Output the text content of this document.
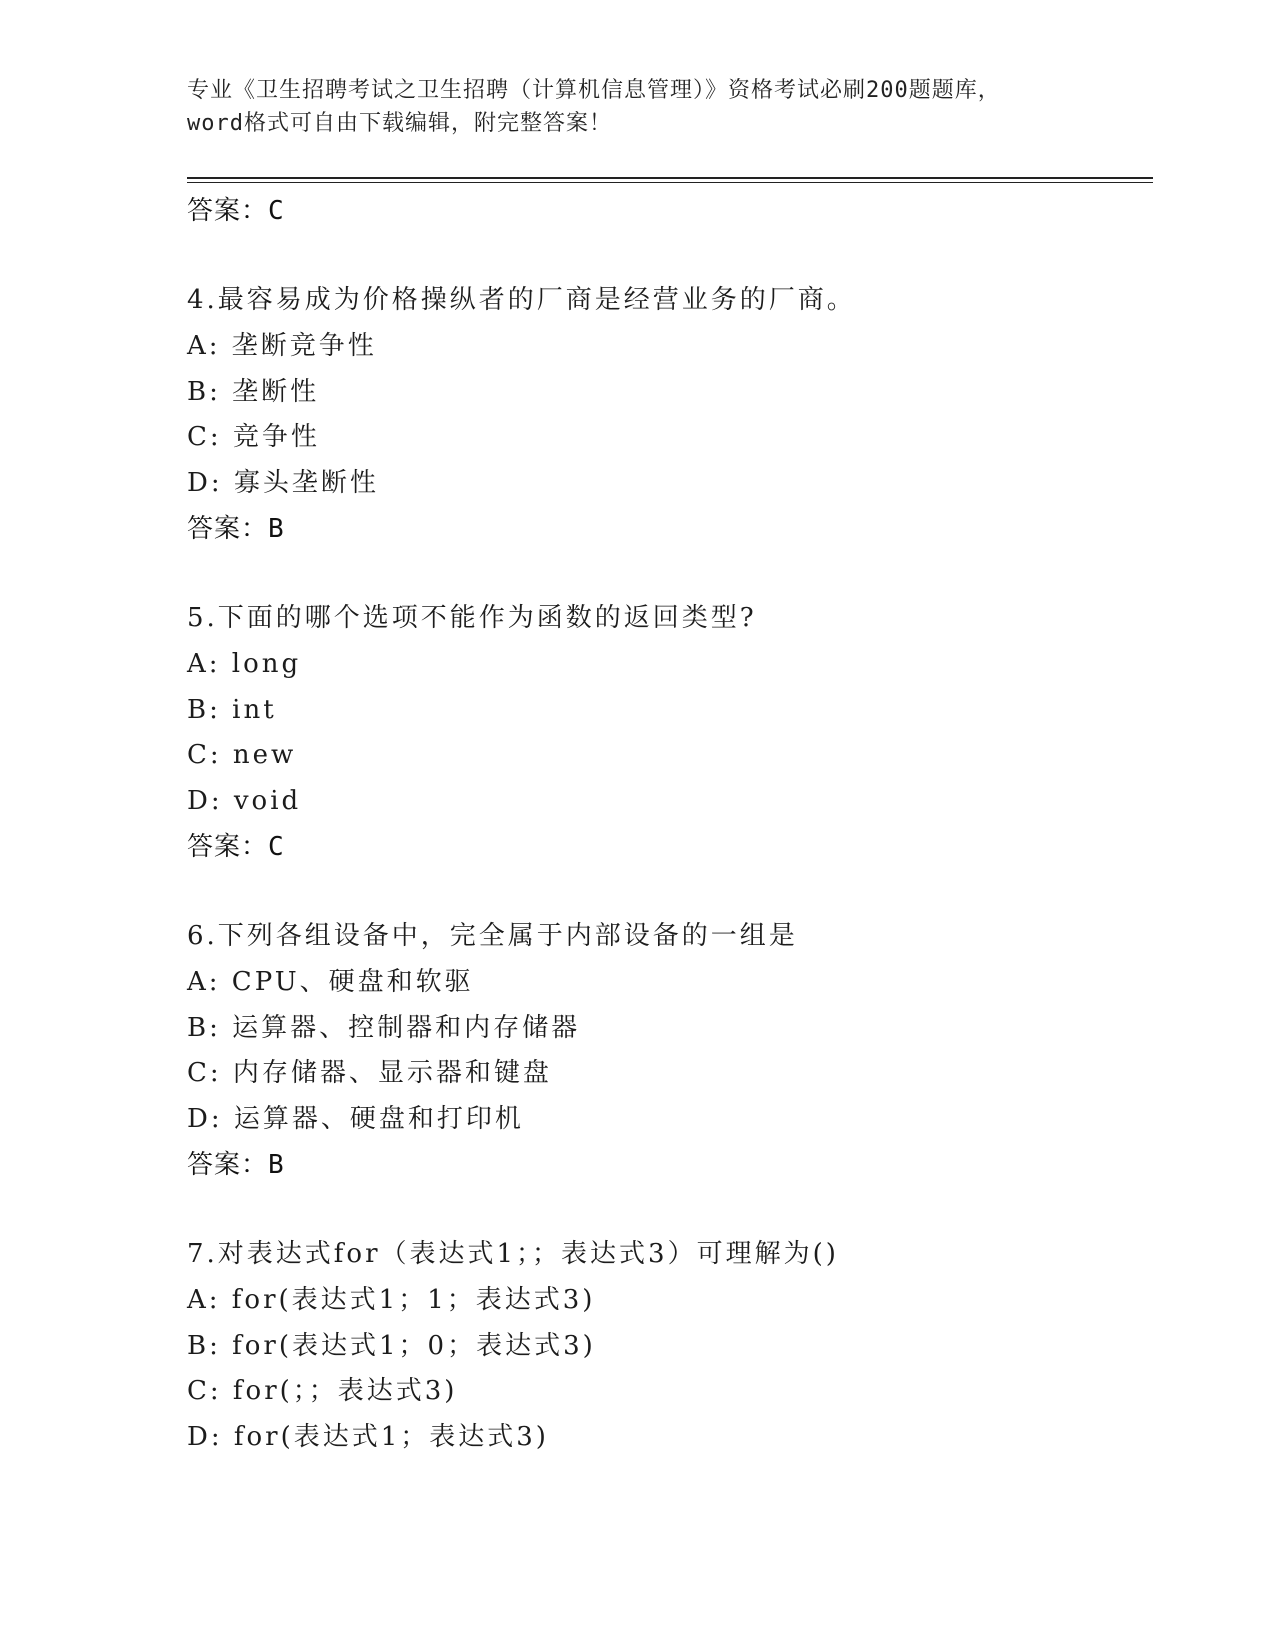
专业《卫生招聘考试之卫生招聘（计算机信息管理）》资格考试必刷200题题库，
word格式可自由下载编辑，附完整答案！
答案：C
4.最容易成为价格操纵者的厂商是经营业务的厂商。
A: 垄断竞争性
B: 垄断性
C: 竞争性
D: 寡头垄断性
答案：B
5.下面的哪个选项不能作为函数的返回类型?
A: long
B: int
C: new
D: void
答案：C
6.下列各组设备中，完全属于内部设备的一组是
A: CPU、硬盘和软驱
B: 运算器、控制器和内存储器
C: 内存储器、显示器和键盘
D: 运算器、硬盘和打印机
答案：B
7.对表达式for（表达式1；；表达式3）可理解为()
A: for(表达式1；1；表达式3)
B: for(表达式1；0；表达式3)
C: for(；；表达式3)
D: for(表达式1；表达式3)
